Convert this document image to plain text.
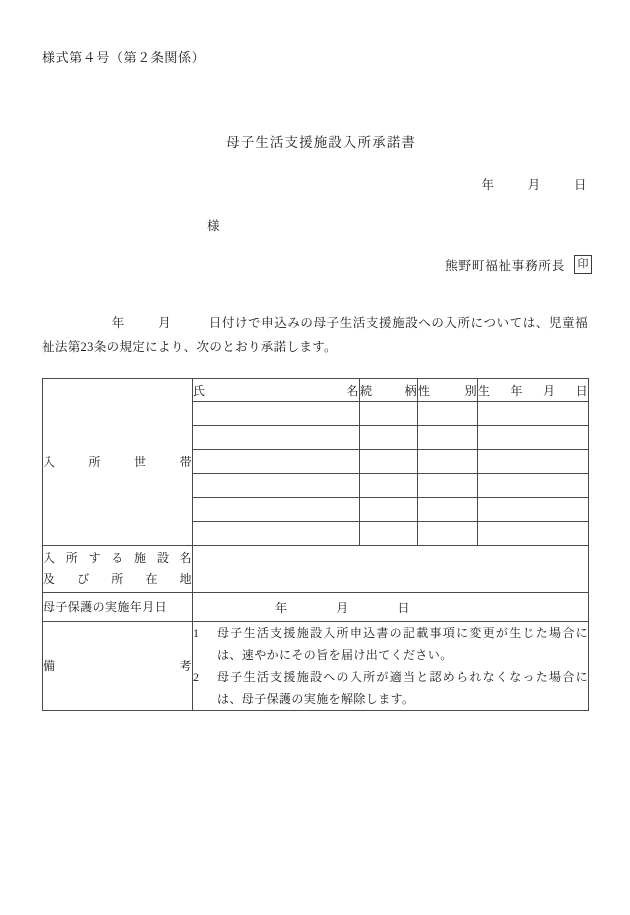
様式第４号（第２条関係）
母子生活支援施設入所承諾書
年	月	日
様
熊野町福祉事務所長	印
年	月	日付けで申込みの母子生活支援施設への入所については、児童福祉法第23条の規定により、次のとおり承諾します。
入所世帯	氏名	続柄	性別	生年月日

入所する施設名
及び所在地				

母子保護の実施年月日	年 月 日			

備考	1 母子生活支援施設入所申込書の記載事項に変更が生じた場合には、速やかにその旨を届け出てください。
2 母子生活支援施設への入所が適当と認められなくなった場合には、母子保護の実施を解除します。			
